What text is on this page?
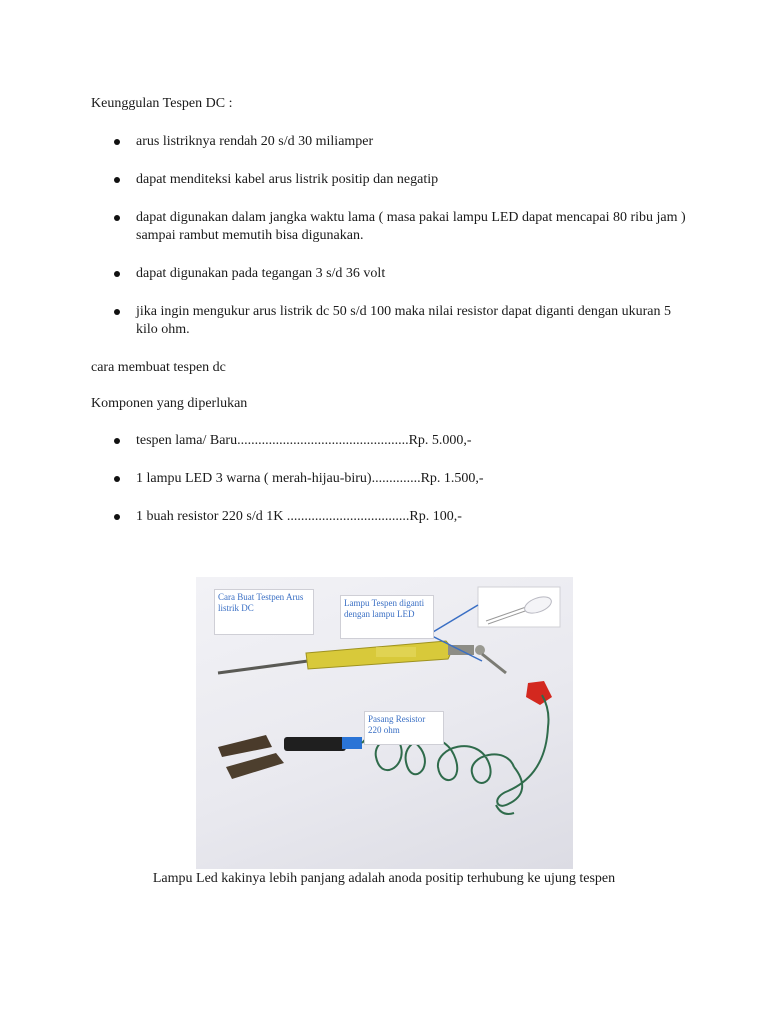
Keunggulan Tespen DC :

arus listriknya rendah 20 s/d 30 miliamper
dapat menditeksi kabel arus listrik positip dan negatip
dapat digunakan dalam jangka waktu lama ( masa pakai lampu LED dapat mencapai 80 ribu jam ) sampai rambut memutih bisa digunakan.
dapat digunakan pada tegangan 3 s/d 36 volt
jika ingin mengukur arus listrik dc 50 s/d 100 maka nilai resistor dapat diganti dengan ukuran 5 kilo ohm.

cara membuat tespen dc

Komponen yang diperlukan

tespen lama/ Baru.................................................Rp. 5.000,-
1 lampu LED 3 warna ( merah-hijau-biru)..............Rp. 1.500,-
1 buah resistor 220 s/d 1K ...................................Rp. 100,-
Cara Buat Testpen Arus listrik DC	Lampu Tespen diganti dengan lampu LED
Pasang Resistor 220 ohm

Lampu Led kakinya lebih panjang adalah anoda positip terhubung ke ujung tespen
